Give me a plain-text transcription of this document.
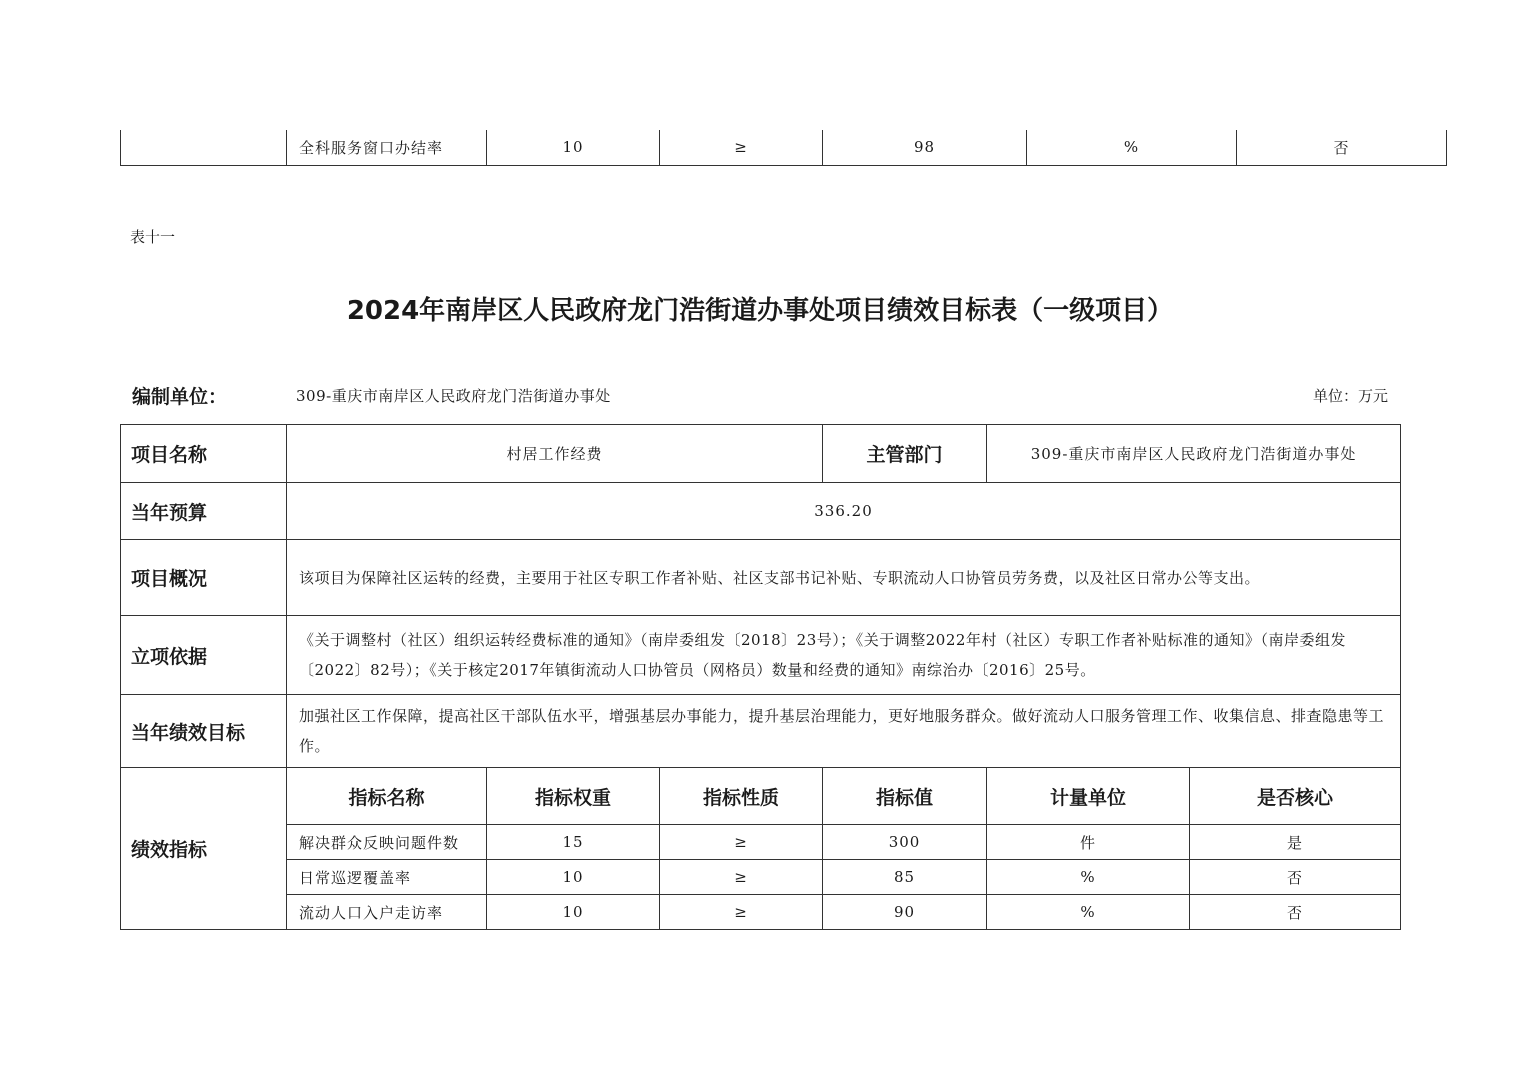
	全科服务窗口办结率	10	≥	98	%	否
表十一
2024年南岸区人民政府龙门浩街道办事处项目绩效目标表（一级项目）
编制单位：	309-重庆市南岸区人民政府龙门浩街道办事处	单位：万元
项目名称	村居工作经费			主管部门	309-重庆市南岸区人民政府龙门浩街道办事处	
当年预算	336.20					
项目概况	该项目为保障社区运转的经费，主要用于社区专职工作者补贴、社区支部书记补贴、专职流动人口协管员劳务费，以及社区日常办公等支出。					
立项依据	《关于调整村（社区）组织运转经费标准的通知》（南岸委组发〔2018〕23号）；《关于调整2022年村（社区）专职工作者补贴标准的通知》（南岸委组发〔2022〕82号）；《关于核定2017年镇街流动人口协管员（网格员）数量和经费的通知》南综治办〔2016〕25号。					
当年绩效目标	加强社区工作保障，提高社区干部队伍水平，增强基层办事能力，提升基层治理能力，更好地服务群众。做好流动人口服务管理工作、收集信息、排查隐患等工作。					
绩效指标	指标名称	指标权重	指标性质	指标值	计量单位	是否核心
	解决群众反映问题件数	15	≥	300	件	是
	日常巡逻覆盖率	10	≥	85	%	否
	流动人口入户走访率	10	≥	90	%	否
